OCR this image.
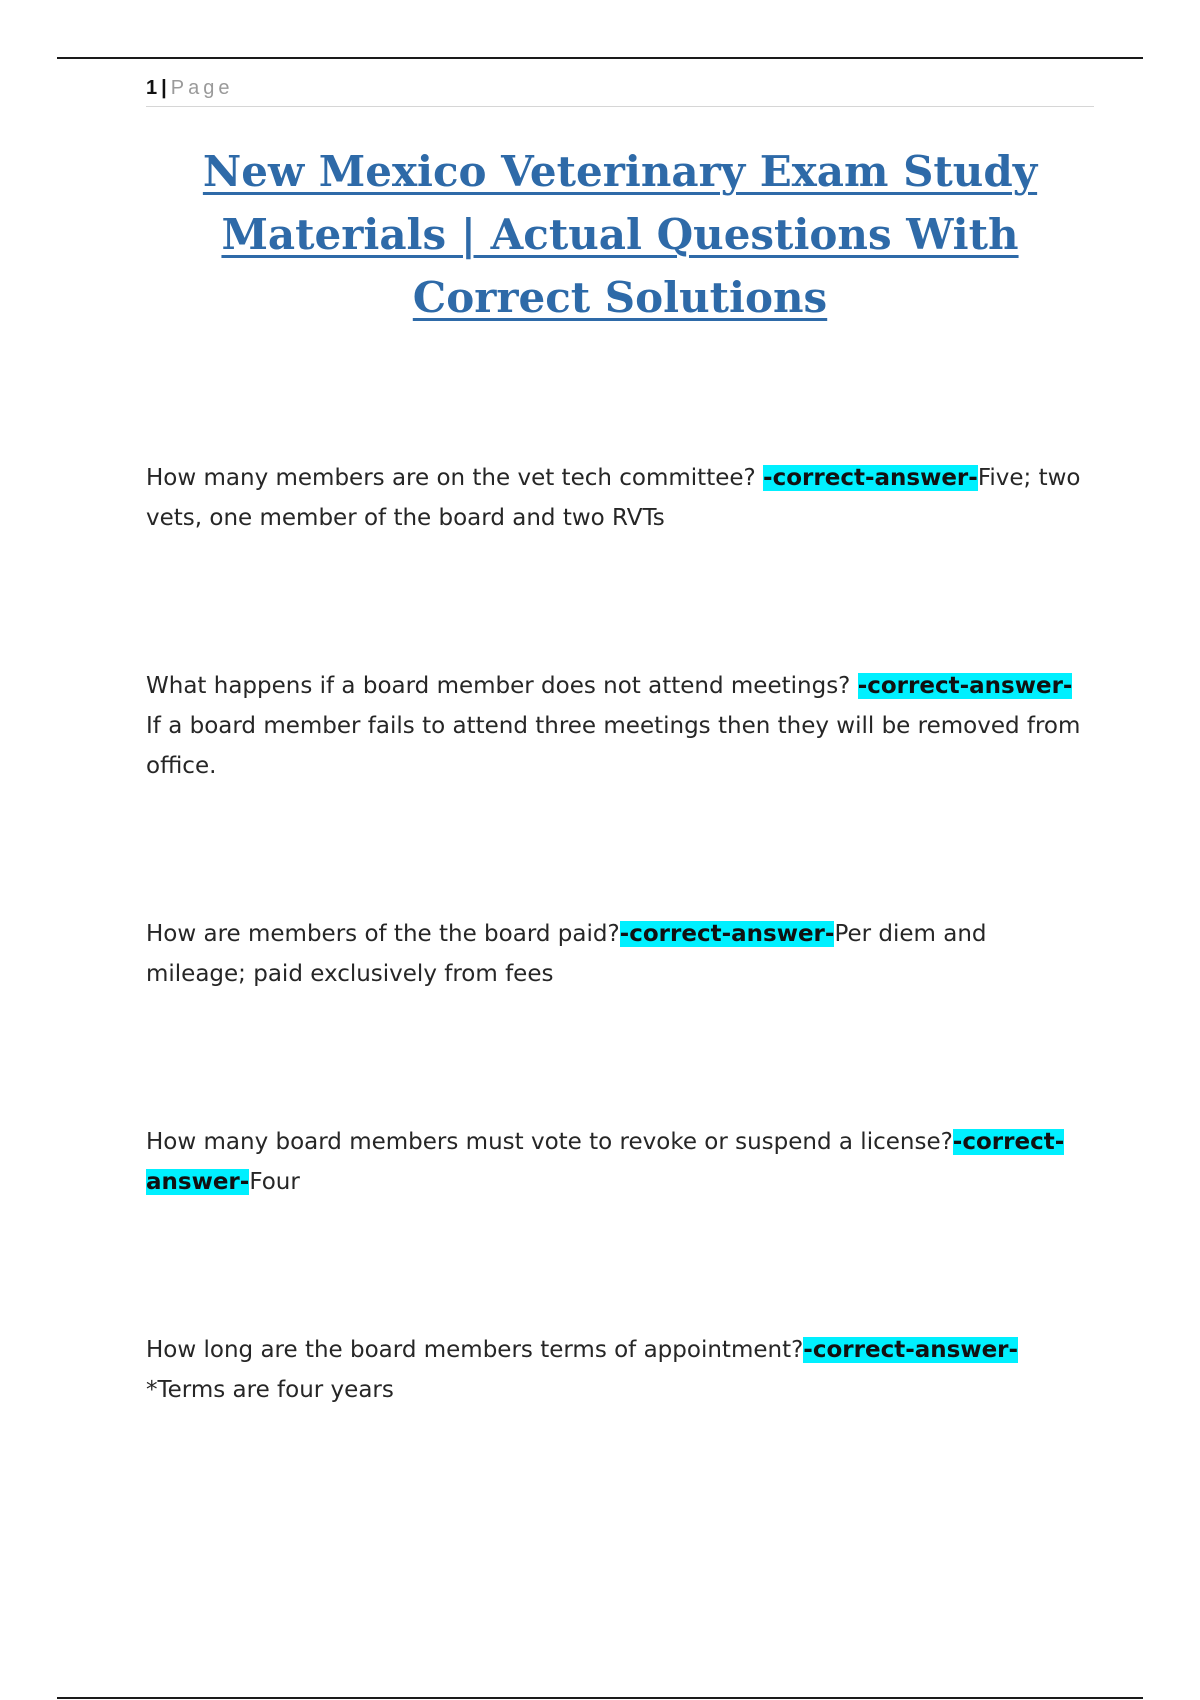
1 | Page
New Mexico Veterinary Exam Study Materials | Actual Questions With Correct Solutions

How many members are on the vet tech committee? -correct-answer-Five; two vets, one member of the board and two RVTs

What happens if a board member does not attend meetings? -correct-answer-If a board member fails to attend three meetings then they will be removed from office.

How are members of the the board paid?-correct-answer-Per diem and mileage; paid exclusively from fees

How many board members must vote to revoke or suspend a license?-correct-answer-Four

How long are the board members terms of appointment?-correct-answer-*Terms are four years
